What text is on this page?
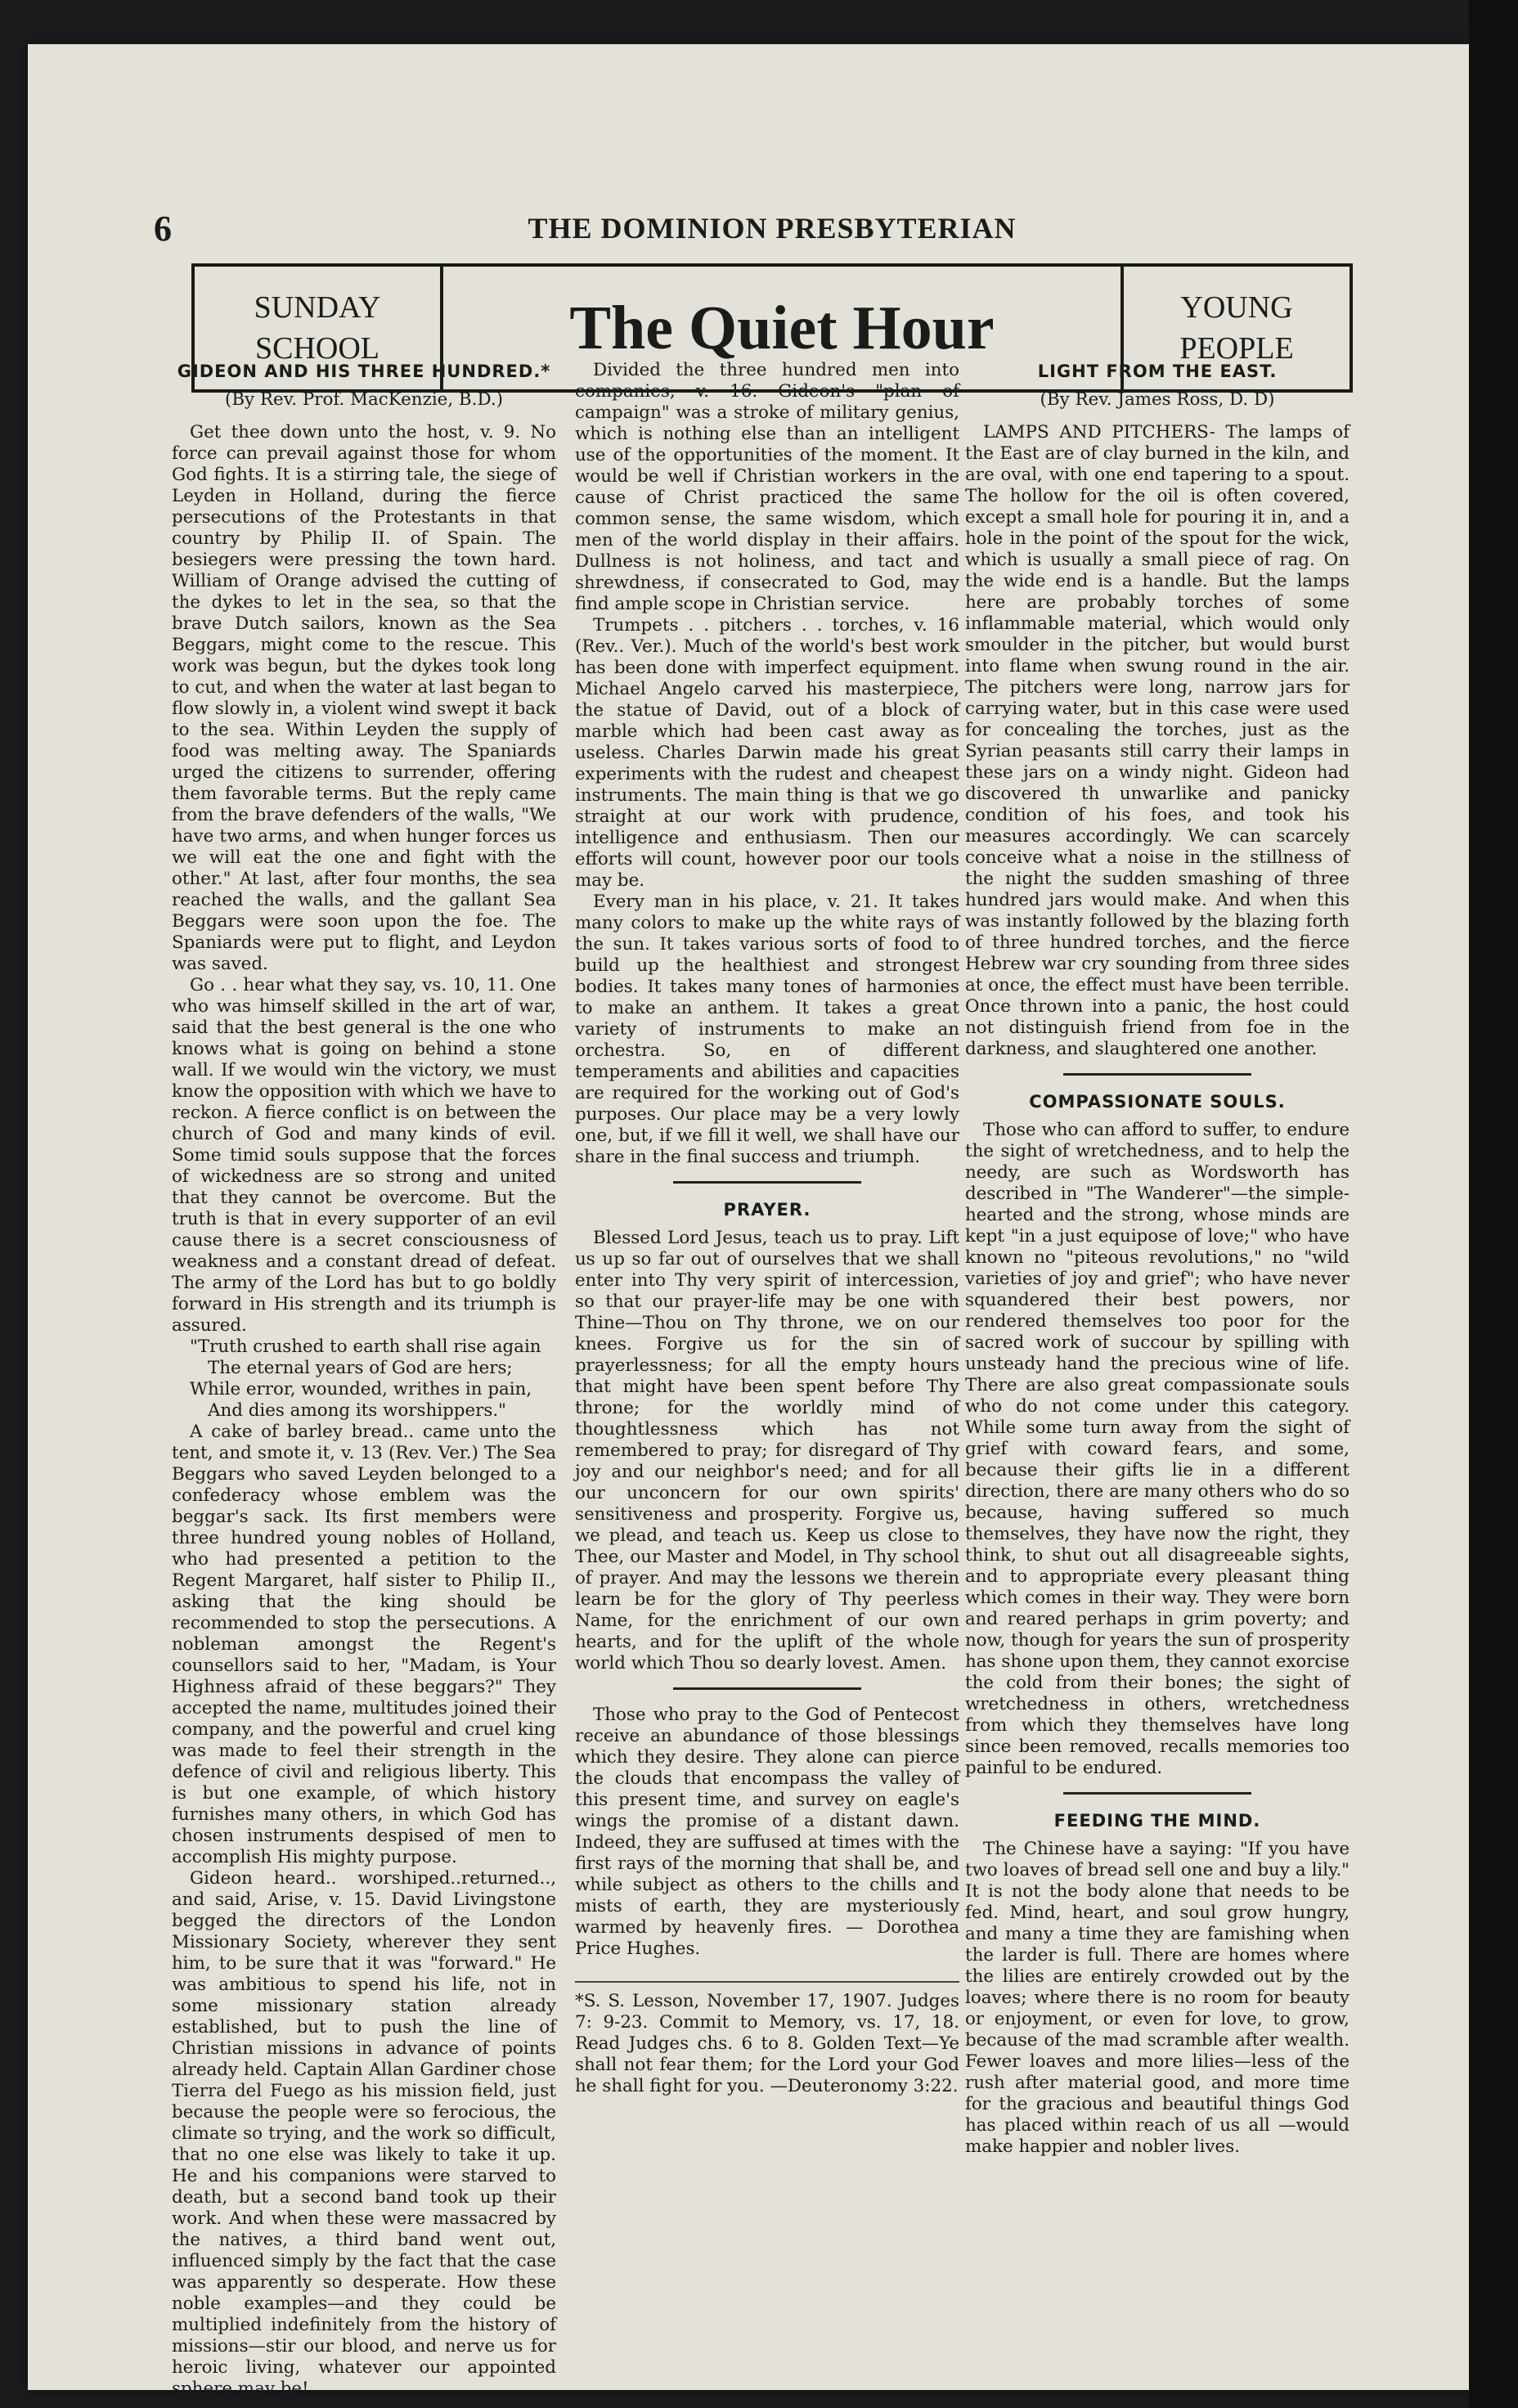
6	THE DOMINION PRESBYTERIAN
SUNDAY
SCHOOL	The Quiet Hour	YOUNG
PEOPLE
GIDEON AND HIS THREE HUNDRED.*

(By Rev. Prof. MacKenzie, B.D.)

Get thee down unto the host, v. 9. No force can prevail against those for whom God fights. It is a stirring tale, the siege of Leyden in Holland, during the fierce persecutions of the Protestants in that country by Philip II. of Spain. The besiegers were pressing the town hard. William of Orange advised the cutting of the dykes to let in the sea, so that the brave Dutch sailors, known as the Sea Beggars, might come to the rescue. This work was begun, but the dykes took long to cut, and when the water at last began to flow slowly in, a violent wind swept it back to the sea. Within Leyden the supply of food was melting away. The Spaniards urged the citizens to surrender, offering them favorable terms. But the reply came from the brave defenders of the walls, "We have two arms, and when hunger forces us we will eat the one and fight with the other." At last, after four months, the sea reached the walls, and the gallant Sea Beggars were soon upon the foe. The Spaniards were put to flight, and Leydon was saved.

Go . . hear what they say, vs. 10, 11. One who was himself skilled in the art of war, said that the best general is the one who knows what is going on behind a stone wall. If we would win the victory, we must know the opposition with which we have to reckon. A fierce conflict is on between the church of God and many kinds of evil. Some timid souls suppose that the forces of wickedness are so strong and united that they cannot be overcome. But the truth is that in every supporter of an evil cause there is a secret consciousness of weakness and a constant dread of defeat. The army of the Lord has but to go boldly forward in His strength and its triumph is assured.

"Truth crushed to earth shall rise again
The eternal years of God are hers;
While error, wounded, writhes in pain,
And dies among its worshippers."

A cake of barley bread.. came unto the tent, and smote it, v. 13 (Rev. Ver.) The Sea Beggars who saved Leyden belonged to a confederacy whose emblem was the beggar's sack. Its first members were three hundred young nobles of Holland, who had presented a petition to the Regent Margaret, half sister to Philip II., asking that the king should be recommended to stop the persecutions. A nobleman amongst the Regent's counsellors said to her, "Madam, is Your Highness afraid of these beggars?" They accepted the name, multitudes joined their company, and the powerful and cruel king was made to feel their strength in the defence of civil and religious liberty. This is but one example, of which history furnishes many others, in which God has chosen instruments despised of men to accomplish His mighty purpose.

Gideon heard.. worshiped..returned.., and said, Arise, v. 15. David Livingstone begged the directors of the London Missionary Society, wherever they sent him, to be sure that it was "forward." He was ambitious to spend his life, not in some missionary station already established, but to push the line of Christian missions in advance of points already held. Captain Allan Gardiner chose Tierra del Fuego as his mission field, just because the people were so ferocious, the climate so trying, and the work so difficult, that no one else was likely to take it up. He and his companions were starved to death, but a second band took up their work. And when these were massacred by the natives, a third band went out, influenced simply by the fact that the case was apparently so desperate. How these noble examples—and they could be multiplied indefinitely from the history of missions—stir our blood, and nerve us for heroic living, whatever our appointed sphere may be!

Divided the three hundred men into companies, v. 16. Gideon's "plan of campaign" was a stroke of military genius, which is nothing else than an intelligent use of the opportunities of the moment. It would be well if Christian workers in the cause of Christ practiced the same common sense, the same wisdom, which men of the world display in their affairs. Dullness is not holiness, and tact and shrewdness, if consecrated to God, may find ample scope in Christian service.

Trumpets . . pitchers . . torches, v. 16 (Rev.. Ver.). Much of the world's best work has been done with imperfect equipment. Michael Angelo carved his masterpiece, the statue of David, out of a block of marble which had been cast away as useless. Charles Darwin made his great experiments with the rudest and cheapest instruments. The main thing is that we go straight at our work with prudence, intelligence and enthusiasm. Then our efforts will count, however poor our tools may be.

Every man in his place, v. 21. It takes many colors to make up the white rays of the sun. It takes various sorts of food to build up the healthiest and strongest bodies. It takes many tones of harmonies to make an anthem. It takes a great variety of instruments to make an orchestra. So, en of different temperaments and abilities and capacities are required for the working out of God's purposes. Our place may be a very lowly one, but, if we fill it well, we shall have our share in the final success and triumph.

PRAYER.

Blessed Lord Jesus, teach us to pray. Lift us up so far out of ourselves that we shall enter into Thy very spirit of intercession, so that our prayer-life may be one with Thine—Thou on Thy throne, we on our knees. Forgive us for the sin of prayerlessness; for all the empty hours that might have been spent before Thy throne; for the worldly mind of thoughtlessness which has not remembered to pray; for disregard of Thy joy and our neighbor's need; and for all our unconcern for our own spirits' sensitiveness and prosperity. Forgive us, we plead, and teach us. Keep us close to Thee, our Master and Model, in Thy school of prayer. And may the lessons we therein learn be for the glory of Thy peerless Name, for the enrichment of our own hearts, and for the uplift of the whole world which Thou so dearly lovest. Amen.

Those who pray to the God of Pentecost receive an abundance of those blessings which they desire. They alone can pierce the clouds that encompass the valley of this present time, and survey on eagle's wings the promise of a distant dawn. Indeed, they are suffused at times with the first rays of the morning that shall be, and while subject as others to the chills and mists of earth, they are mysteriously warmed by heavenly fires. — Dorothea Price Hughes.

*S. S. Lesson, November 17, 1907. Judges 7: 9-23. Commit to Memory, vs. 17, 18. Read Judges chs. 6 to 8. Golden Text—Ye shall not fear them; for the Lord your God he shall fight for you. —Deuteronomy 3:22.

LIGHT FROM THE EAST.

(By Rev. James Ross, D. D)

LAMPS AND PITCHERS- The lamps of the East are of clay burned in the kiln, and are oval, with one end tapering to a spout. The hollow for the oil is often covered, except a small hole for pouring it in, and a hole in the point of the spout for the wick, which is usually a small piece of rag. On the wide end is a handle. But the lamps here are probably torches of some inflammable material, which would only smoulder in the pitcher, but would burst into flame when swung round in the air. The pitchers were long, narrow jars for carrying water, but in this case were used for concealing the torches, just as the Syrian peasants still carry their lamps in these jars on a windy night. Gideon had discovered th unwarlike and panicky condition of his foes, and took his measures accordingly. We can scarcely conceive what a noise in the stillness of the night the sudden smashing of three hundred jars would make. And when this was instantly followed by the blazing forth of three hundred torches, and the fierce Hebrew war cry sounding from three sides at once, the effect must have been terrible. Once thrown into a panic, the host could not distinguish friend from foe in the darkness, and slaughtered one another.

COMPASSIONATE SOULS.

Those who can afford to suffer, to endure the sight of wretchedness, and to help the needy, are such as Wordsworth has described in "The Wanderer"—the simple-hearted and the strong, whose minds are kept "in a just equipose of love;" who have known no "piteous revolutions," no "wild varieties of joy and grief"; who have never squandered their best powers, nor rendered themselves too poor for the sacred work of succour by spilling with unsteady hand the precious wine of life. There are also great compassionate souls who do not come under this category. While some turn away from the sight of grief with coward fears, and some, because their gifts lie in a different direction, there are many others who do so because, having suffered so much themselves, they have now the right, they think, to shut out all disagreeable sights, and to appropriate every pleasant thing which comes in their way. They were born and reared perhaps in grim poverty; and now, though for years the sun of prosperity has shone upon them, they cannot exorcise the cold from their bones; the sight of wretchedness in others, wretchedness from which they themselves have long since been removed, recalls memories too painful to be endured.

FEEDING THE MIND.

The Chinese have a saying: "If you have two loaves of bread sell one and buy a lily." It is not the body alone that needs to be fed. Mind, heart, and soul grow hungry, and many a time they are famishing when the larder is full. There are homes where the lilies are entirely crowded out by the loaves; where there is no room for beauty or enjoyment, or even for love, to grow, because of the mad scramble after wealth. Fewer loaves and more lilies—less of the rush after material good, and more time for the gracious and beautiful things God has placed within reach of us all —would make happier and nobler lives.
